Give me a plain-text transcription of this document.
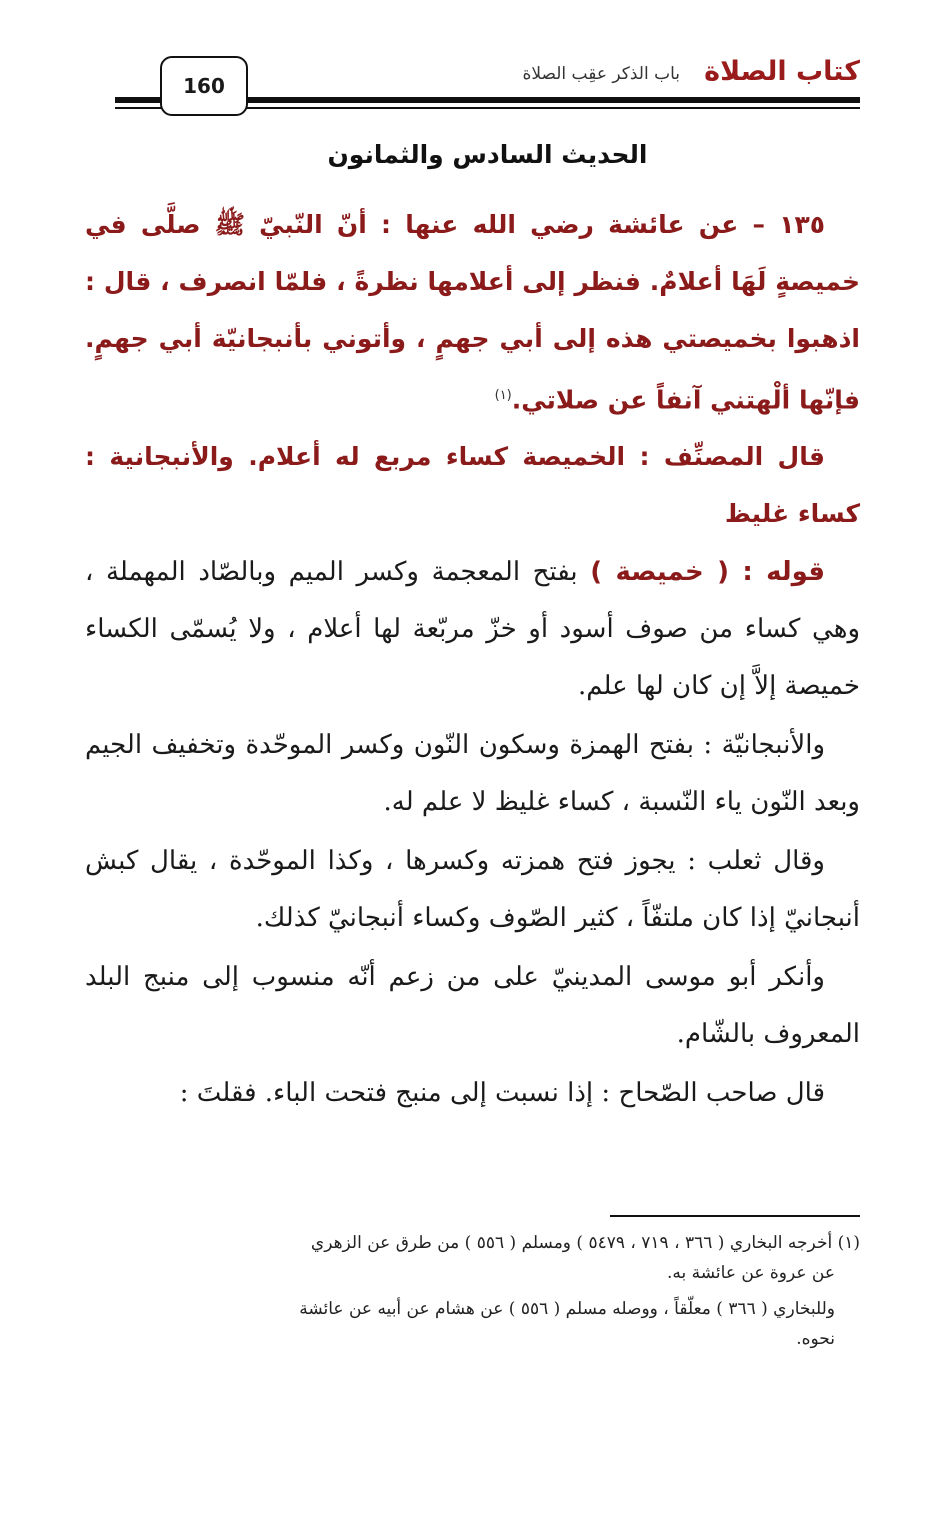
كتاب الصلاة
باب الذكر عقِب الصلاة
160
الحديث السادس والثمانون

١٣٥ – عن عائشة رضي الله عنها : أنّ النّبيّ ﷺ صلَّى في خميصةٍ لَهَا أعلامٌ. فنظر إلى أعلامها نظرةً ، فلمّا انصرف ، قال : اذهبوا بخميصتي هذه إلى أبي جهمٍ ، وأتوني بأنبجانيّة أبي جهمٍ. فإنّها ألْهتني آنفاً عن صلاتي.$^{(١)}$

قال المصنِّف : الخميصة كساء مربع له أعلام. والأنبجانية : كساء غليظ

قوله : ( خميصة ) بفتح المعجمة وكسر الميم وبالصّاد المهملة ، وهي كساء من صوف أسود أو خزّ مربّعة لها أعلام ، ولا يُسمّى الكساء خميصة إلاَّ إن كان لها علم.

والأنبجانيّة : بفتح الهمزة وسكون النّون وكسر الموحّدة وتخفيف الجيم وبعد النّون ياء النّسبة ، كساء غليظ لا علم له.

وقال ثعلب : يجوز فتح همزته وكسرها ، وكذا الموحّدة ، يقال كبش أنبجانيّ إذا كان ملتفّاً ، كثير الصّوف وكساء أنبجانيّ كذلك.

وأنكر أبو موسى المدينيّ على من زعم أنّه منسوب إلى منبج البلد المعروف بالشّام.

قال صاحب الصّحاح : إذا نسبت إلى منبج فتحت الباء. فقلتَ :

(١) أخرجه البخاري ( ٣٦٦ ، ٧١٩ ، ٥٤٧٩ ) ومسلم ( ٥٥٦ ) من طرق عن الزهري
عن عروة عن عائشة به.

وللبخاري ( ٣٦٦ ) معلّقاً ، ووصله مسلم ( ٥٥٦ ) عن هشام عن أبيه عن عائشة
نحوه.
